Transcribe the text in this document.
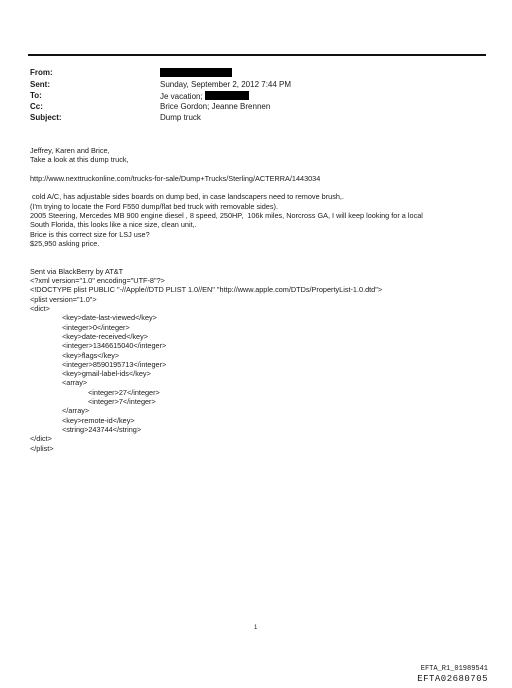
From:
Sent:	Sunday, September 2, 2012 7:44 PM
To:	Je vacation;
Cc:	Brice Gordon; Jeanne Brennen
Subject:	Dump truck

Jeffrey, Karen and Brice,

Take a look at this dump truck,

http://www.nexttruckonline.com/trucks-for-sale/Dump+Trucks/Sterling/ACTERRA/1443034

cold A/C, has adjustable sides boards on dump bed, in case landscapers need to remove brush,.

(I'm trying to locate the Ford F550 dump/flat bed truck with removable sides).

2005 Steering, Mercedes MB 900 engine diesel , 8 speed, 250HP,  106k miles, Norcross GA, I will keep looking for a local

South Florida, this looks like a nice size, clean unit,.

Brice is this correct size for LSJ use?

$25,950 asking price.

Sent via BlackBerry by AT&T

<?xml version="1.0" encoding="UTF-8"?>

<!DOCTYPE plist PUBLIC "-//Apple//DTD PLIST 1.0//EN" "http://www.apple.com/DTDs/PropertyList-1.0.dtd">

<plist version="1.0">

<dict>

<key>date-last-viewed</key>

<integer>0</integer>

<key>date-received</key>

<integer>1346615040</integer>

<key>flags</key>

<integer>8590195713</integer>

<key>gmail-label-ids</key>

<array>

<integer>27</integer>

<integer>7</integer>

</array>

<key>remote-id</key>

<string>243744</string>

</dict>

</plist>

1
EFTA_R1_01989541
EFTA02680705
